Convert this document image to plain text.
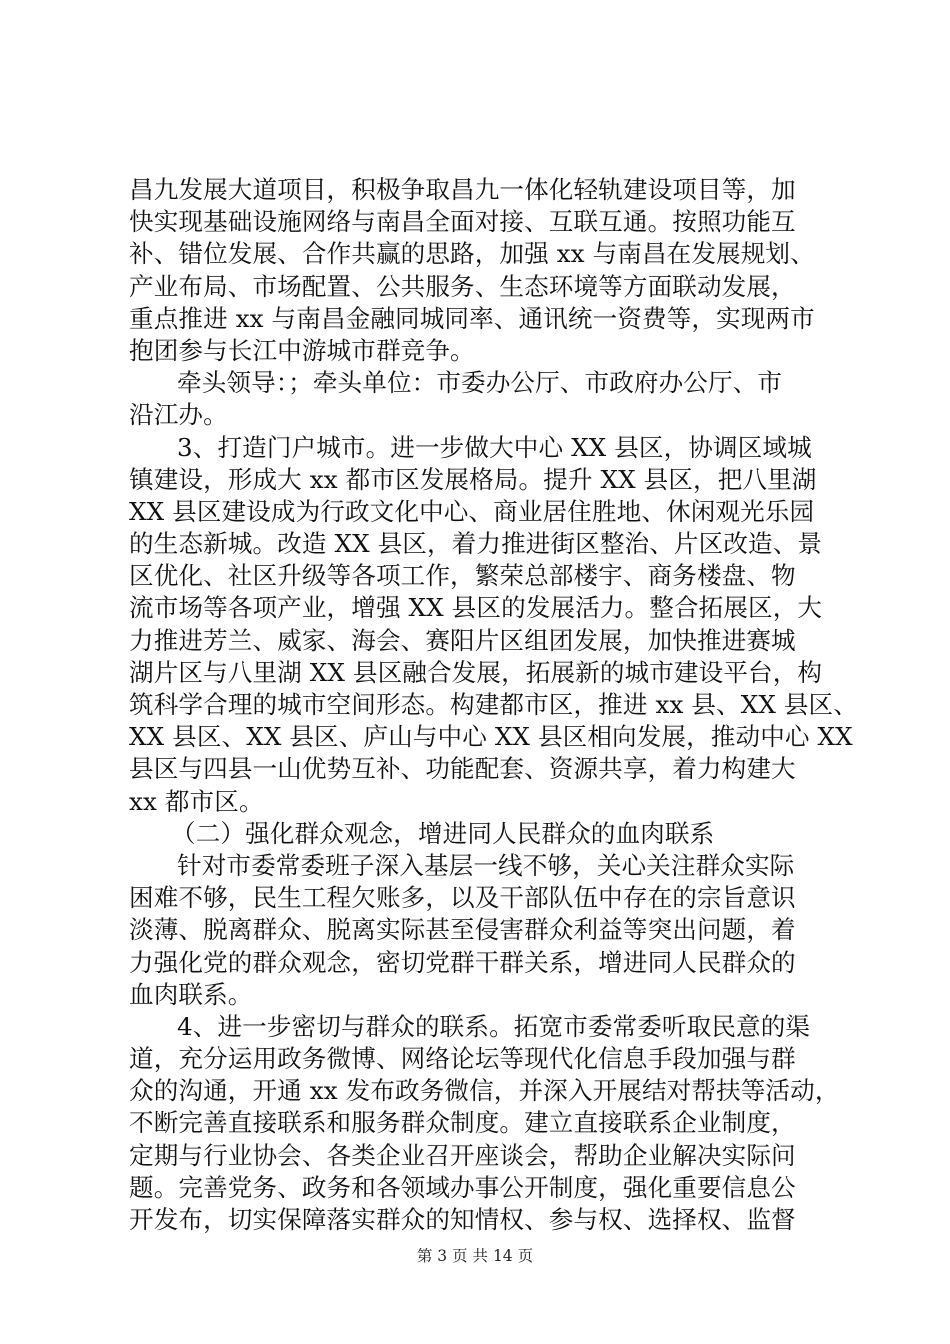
昌九发展大道项目，积极争取昌九一体化轻轨建设项目等，加
快实现基础设施网络与南昌全面对接、互联互通。按照功能互
补、错位发展、合作共赢的思路，加强 xx 与南昌在发展规划、
产业布局、市场配置、公共服务、生态环境等方面联动发展，
重点推进 xx 与南昌金融同城同率、通讯统一资费等，实现两市
抱团参与长江中游城市群竞争。
牵头领导：；牵头单位：市委办公厅、市政府办公厅、市
沿江办。
3、打造门户城市。进一步做大中心 XX 县区，协调区域城
镇建设，形成大 xx 都市区发展格局。提升 XX 县区，把八里湖
XX 县区建设成为行政文化中心、商业居住胜地、休闲观光乐园
的生态新城。改造 XX 县区，着力推进街区整治、片区改造、景
区优化、社区升级等各项工作，繁荣总部楼宇、商务楼盘、物
流市场等各项产业，增强 XX 县区的发展活力。整合拓展区，大
力推进芳兰、威家、海会、赛阳片区组团发展，加快推进赛城
湖片区与八里湖 XX 县区融合发展，拓展新的城市建设平台，构
筑科学合理的城市空间形态。构建都市区，推进 xx 县、XX 县区、
XX 县区、XX 县区、庐山与中心 XX 县区相向发展，推动中心 XX
县区与四县一山优势互补、功能配套、资源共享，着力构建大
xx 都市区。
（二）强化群众观念，增进同人民群众的血肉联系
针对市委常委班子深入基层一线不够，关心关注群众实际
困难不够，民生工程欠账多，以及干部队伍中存在的宗旨意识
淡薄、脱离群众、脱离实际甚至侵害群众利益等突出问题，着
力强化党的群众观念，密切党群干群关系，增进同人民群众的
血肉联系。
4、进一步密切与群众的联系。拓宽市委常委听取民意的渠
道，充分运用政务微博、网络论坛等现代化信息手段加强与群
众的沟通，开通 xx 发布政务微信，并深入开展结对帮扶等活动，
不断完善直接联系和服务群众制度。建立直接联系企业制度，
定期与行业协会、各类企业召开座谈会，帮助企业解决实际问
题。完善党务、政务和各领域办事公开制度，强化重要信息公
开发布，切实保障落实群众的知情权、参与权、选择权、监督
第 3 页 共 14 页
